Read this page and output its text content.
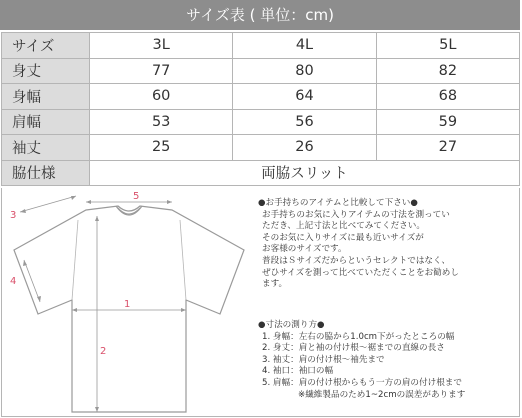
サイズ表 ( 単位：cm)
サイズ	3L	4L	5L
身丈	77	80	82
身幅	60	64	68
肩幅	53	56	59
袖丈	25	26	27
脇仕様	両脇スリット		
5
3
4
1
2
●お手持ちのアイテムと比較して下さい●
お手持ちのお気に入りアイテムの寸法を測ってい
ただき、上記寸法と比べてみてください。
そのお気に入りサイズに最も近いサイズが
お客様のサイズです。
普段はＳサイズだからというセレクトではなく、
ぜひサイズを測って比べていただくことをお勧めし
ます。
●寸法の測り方●
1. 身幅：左右の脇から1.0cm下がったところの幅
2. 身丈：肩と袖の付け根～裾までの直線の長さ
3. 袖丈：肩の付け根～袖先まで
4. 袖口：袖口の幅
5. 肩幅：肩の付け根からもう一方の肩の付け根まで
※繊維製品のため1~2cmの誤差があります
